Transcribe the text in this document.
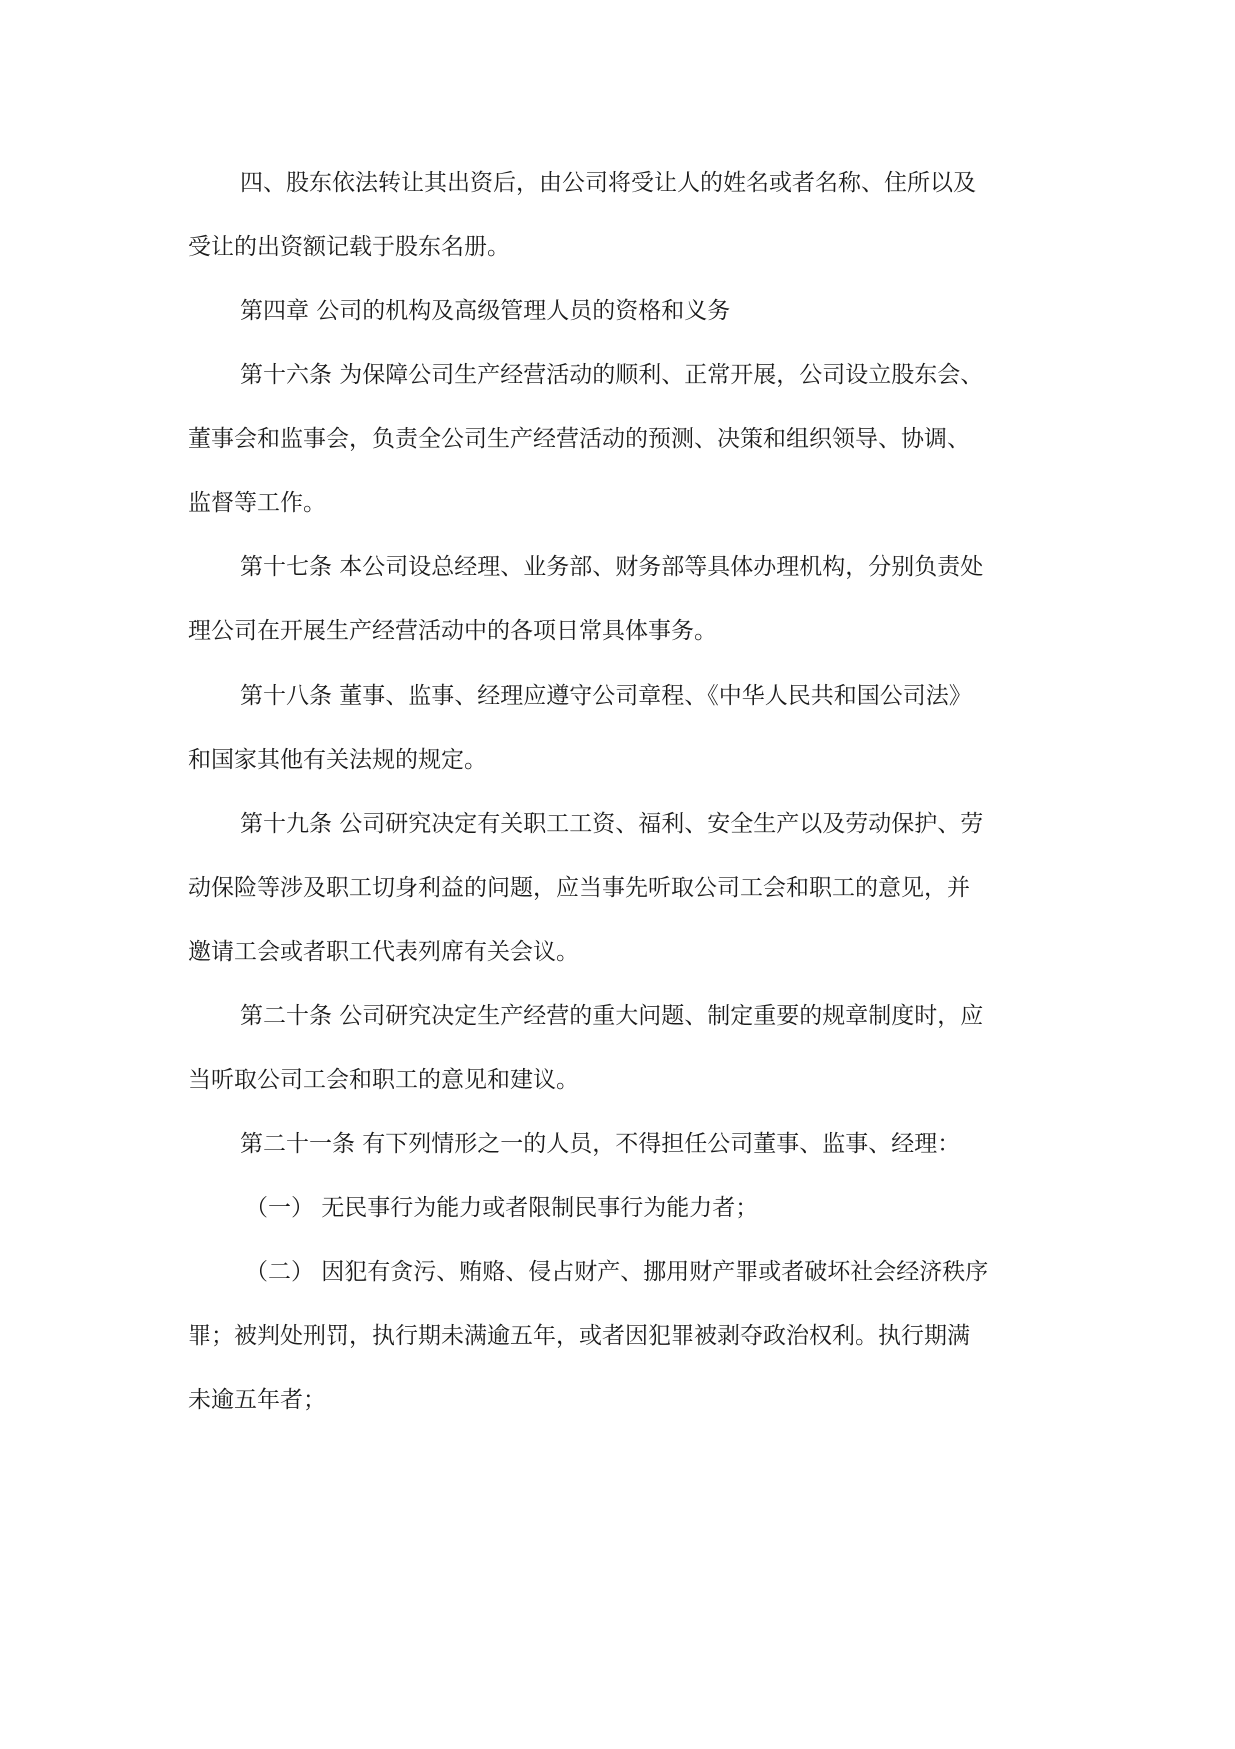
四、股东依法转让其出资后，由公司将受让人的姓名或者名称、住所以及
受让的出资额记载于股东名册。
第四章 公司的机构及高级管理人员的资格和义务
第十六条 为保障公司生产经营活动的顺利、正常开展，公司设立股东会、
董事会和监事会，负责全公司生产经营活动的预测、决策和组织领导、协调、
监督等工作。
第十七条 本公司设总经理、业务部、财务部等具体办理机构，分别负责处
理公司在开展生产经营活动中的各项日常具体事务。
第十八条 董事、监事、经理应遵守公司章程、《中华人民共和国公司法》
和国家其他有关法规的规定。
第十九条 公司研究决定有关职工工资、福利、安全生产以及劳动保护、劳
动保险等涉及职工切身利益的问题，应当事先听取公司工会和职工的意见，并
邀请工会或者职工代表列席有关会议。
第二十条 公司研究决定生产经营的重大问题、制定重要的规章制度时，应
当听取公司工会和职工的意见和建议。
第二十一条 有下列情形之一的人员，不得担任公司董事、监事、经理：
（一） 无民事行为能力或者限制民事行为能力者；
（二） 因犯有贪污、贿赂、侵占财产、挪用财产罪或者破坏社会经济秩序
罪；被判处刑罚，执行期未满逾五年，或者因犯罪被剥夺政治权利。执行期满
未逾五年者；
